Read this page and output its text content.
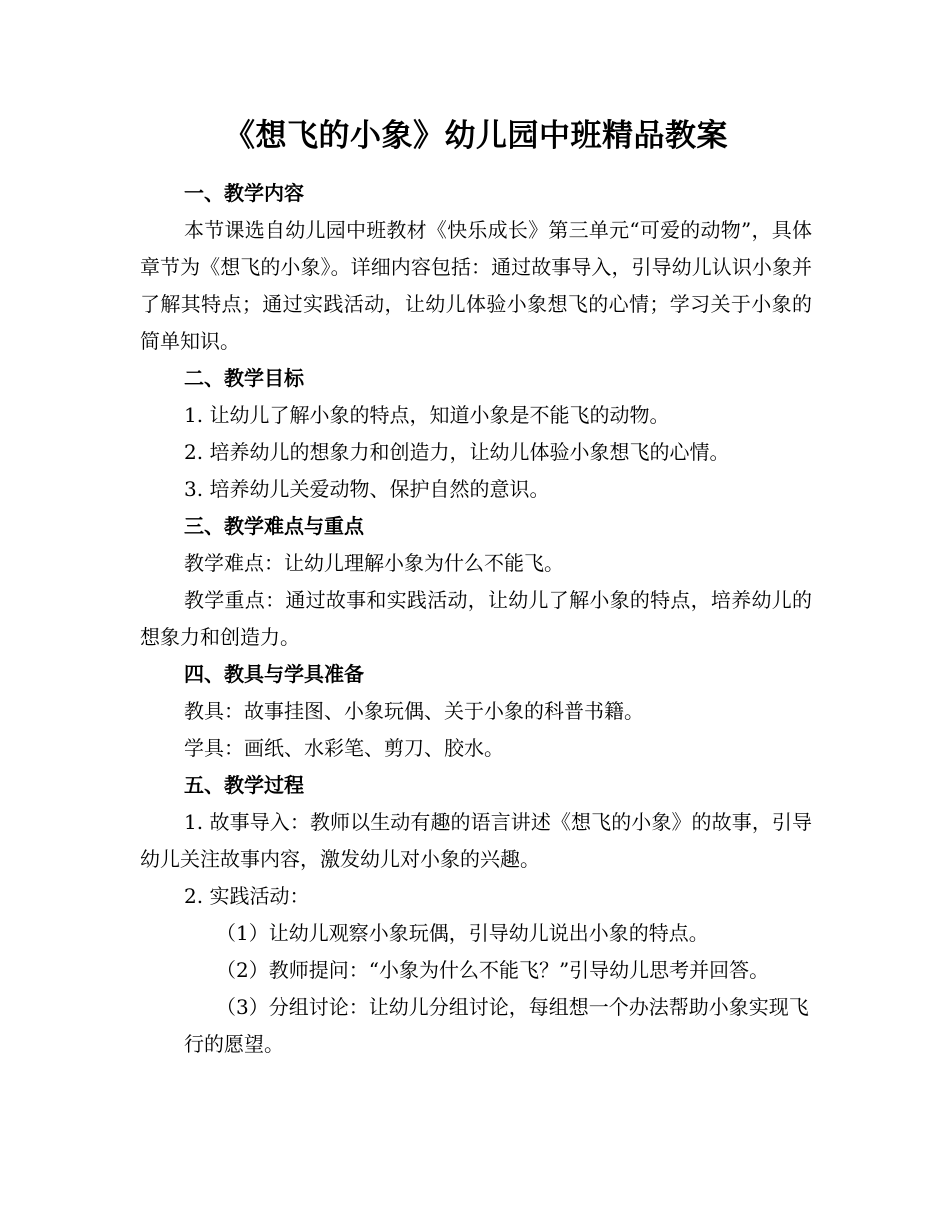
《想飞的小象》幼儿园中班精品教案
一、教学内容

本节课选自幼儿园中班教材《快乐成长》第三单元“可爱的动物”，具体章节为《想飞的小象》。详细内容包括：通过故事导入，引导幼儿认识小象并了解其特点；通过实践活动，让幼儿体验小象想飞的心情；学习关于小象的简单知识。

二、教学目标

1. 让幼儿了解小象的特点，知道小象是不能飞的动物。

2. 培养幼儿的想象力和创造力，让幼儿体验小象想飞的心情。

3. 培养幼儿关爱动物、保护自然的意识。

三、教学难点与重点

教学难点：让幼儿理解小象为什么不能飞。

教学重点：通过故事和实践活动，让幼儿了解小象的特点，培养幼儿的想象力和创造力。

四、教具与学具准备

教具：故事挂图、小象玩偶、关于小象的科普书籍。

学具：画纸、水彩笔、剪刀、胶水。

五、教学过程

1. 故事导入：教师以生动有趣的语言讲述《想飞的小象》的故事，引导幼儿关注故事内容，激发幼儿对小象的兴趣。

2. 实践活动：

（1）让幼儿观察小象玩偶，引导幼儿说出小象的特点。

（2）教师提问：“小象为什么不能飞？”引导幼儿思考并回答。

（3）分组讨论：让幼儿分组讨论，每组想一个办法帮助小象实现飞行的愿望。
